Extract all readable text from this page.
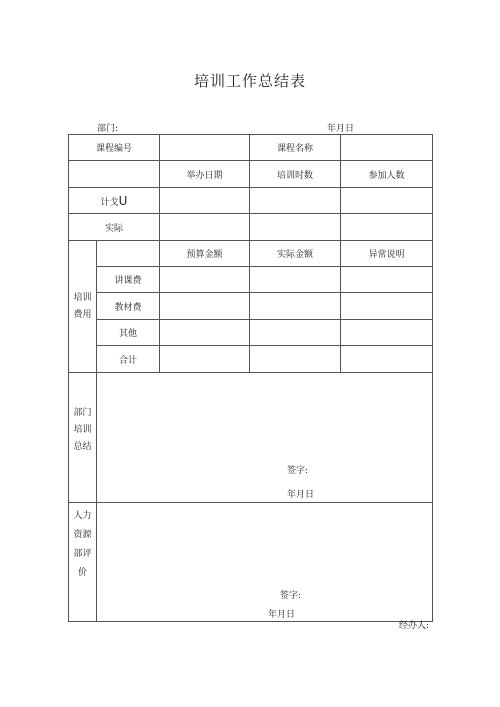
培训工作总结表
部门:	年月日
课程编号			课程名称	
		举办日期	培训时数	参加人数
计戈U				
实际				

培训费用		预算金额	实际金额	异常说明
	讲课费			
	教材费			
	其他			
	合计			

部门培训总结	签字:
年月日			

人力资源部评价	签字:
年月日			
经办人:
